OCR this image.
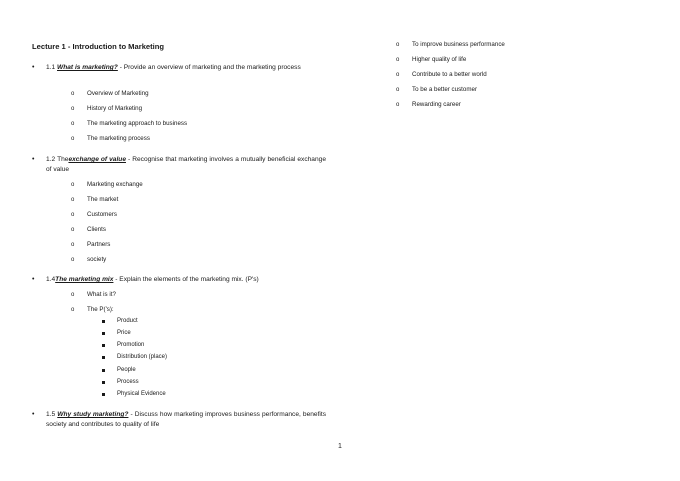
Lecture 1 - Introduction to Marketing
• 1.1 What is marketing? - Provide an overview of marketing and the marketing process
o Overview of Marketing
o History of Marketing
o The marketing approach to business
o The marketing process
• 1.2 Theexchange of value - Recognise that marketing involves a mutually beneficial exchange of value
o Marketing exchange
o The market
o Customers
o Clients
o Partners
o society
• 1.4The marketing mix - Explain the elements of the marketing mix. (P's)
o What is it?
o The P('s):
Product
Price
Promotion
Distribution (place)
People
Process
Physical Evidence
• 1.5 Why study marketing? - Discuss how marketing improves business performance, benefits society and contributes to quality of life
o To improve business performance
o Higher quality of life
o Contribute to a better world
o To be a better customer
o Rewarding career
1
